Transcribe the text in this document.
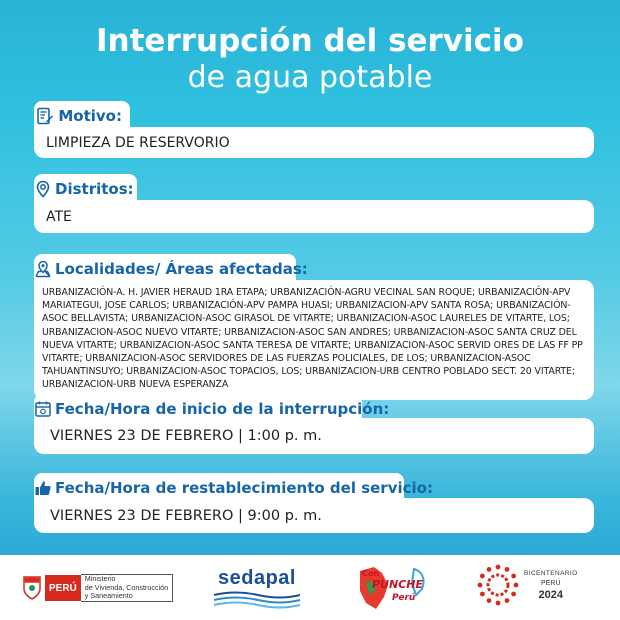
Interrupción del servicio
de agua potable
Motivo:
LIMPIEZA DE RESERVORIO
Distritos:
ATE
Localidades/ Áreas afectadas:
URBANIZACIÓN-A. H. JAVIER HERAUD 1RA ETAPA; URBANIZACIÓN-AGRU VECINAL SAN ROQUE; URBANIZACIÓN-APV MARIATEGUI, JOSE CARLOS; URBANIZACIÓN-APV PAMPA HUASI; URBANIZACION-APV SANTA ROSA; URBANIZACIÓN-ASOC BELLAVISTA; URBANIZACION-ASOC GIRASOL DE VITARTE; URBANIZACION-ASOC LAURELES DE VITARTE, LOS; URBANIZACION-ASOC NUEVO VITARTE; URBANIZACION-ASOC SAN ANDRES; URBANIZACION-ASOC SANTA CRUZ DEL NUEVA VITARTE; URBANIZACION-ASOC SANTA TERESA DE VITARTE; URBANIZACION-ASOC SERVID ORES DE LAS FF PP VITARTE; URBANIZACION-ASOC SERVIDORES DE LAS FUERZAS POLICIALES, DE LOS; URBANIZACION-ASOC TAHUANTINSUYO; URBANIZACION-ASOC TOPACIOS, LOS; URBANIZACION-URB CENTRO POBLADO SECT. 20 VITARTE; URBANIZACION-URB NUEVA ESPERANZA
Fecha/Hora de inicio de la interrupción:
VIERNES 23 DE FEBRERO | 1:00 p. m.
Fecha/Hora de restablecimiento del servicio:
VIERNES 23 DE FEBRERO | 9:00 p. m.
PERÚ
Ministerio
de Vivienda, Construcción
y Saneamiento
sedapal	Con
PUNCHE
Perú
BICENTENARIO
PERÚ
2024
